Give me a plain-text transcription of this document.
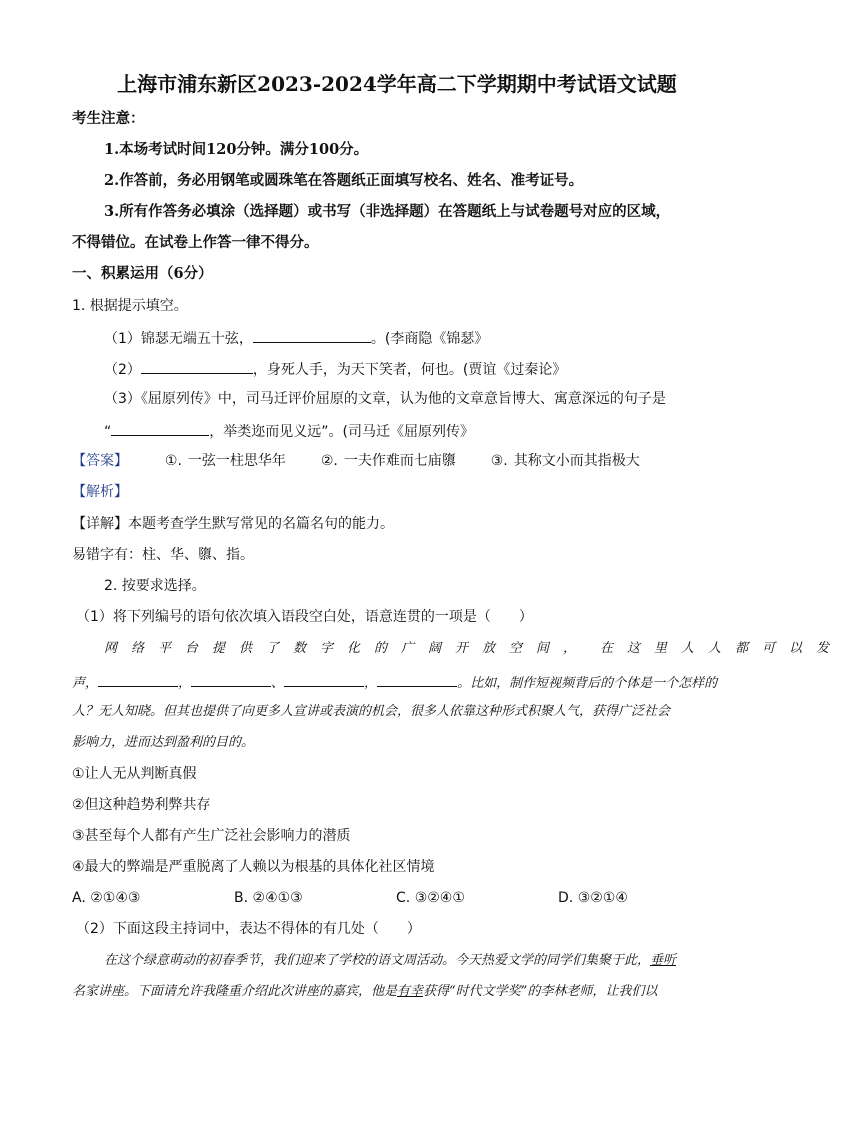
上海市浦东新区2023-2024学年高二下学期期中考试语文试题
考生注意：
1.本场考试时间120分钟。满分100分。
2.作答前，务必用钢笔或圆珠笔在答题纸正面填写校名、姓名、准考证号。
3.所有作答务必填涂（选择题）或书写（非选择题）在答题纸上与试卷题号对应的区域，
不得错位。在试卷上作答一律不得分。
一、积累运用（6分）
1. 根据提示填空。
（1）锦瑟无端五十弦，	。(李商隐《锦瑟》
（2）	，身死人手，为天下笑者，何也。(贾谊《过秦论》
（3）《屈原列传》中，司马迁评价屈原的文章，认为他的文章意旨博大、寓意深远的句子是
“	，举类迩而见义远”。(司马迁《屈原列传》
【答案】	①. 一弦一柱思华年 ②. 一夫作难而七庙隳 ③. 其称文小而其指极大
【解析】
【详解】本题考查学生默写常见的名篇名句的能力。
易错字有：柱、华、隳、指。
2. 按要求选择。
（1）将下列编号的语句依次填入语段空白处，语意连贯的一项是（　　）
网络平台提供了数字化的广阔开放空间， 在这里人人都可以发
声，	，	、	，	。比如，制作短视频背后的个体是一个怎样的
人？无人知晓。但其也提供了向更多人宣讲或表演的机会，很多人依靠这种形式积聚人气，获得广泛社会
影响力，进而达到盈利的目的。
①让人无从判断真假
②但这种趋势利弊共存
③甚至每个人都有产生广泛社会影响力的潜质
④最大的弊端是严重脱离了人赖以为根基的具体化社区情境
A. ②①④③	B. ②④①③	C. ③②④①	D. ③②①④
（2）下面这段主持词中，表达不得体的有几处（　　）
在这个绿意萌动的初春季节，我们迎来了学校的语文周活动。今天热爱文学的同学们集聚于此，垂听
名家讲座。下面请允许我隆重介绍此次讲座的嘉宾，他是有幸获得“时代文学奖”的李林老师，让我们以
